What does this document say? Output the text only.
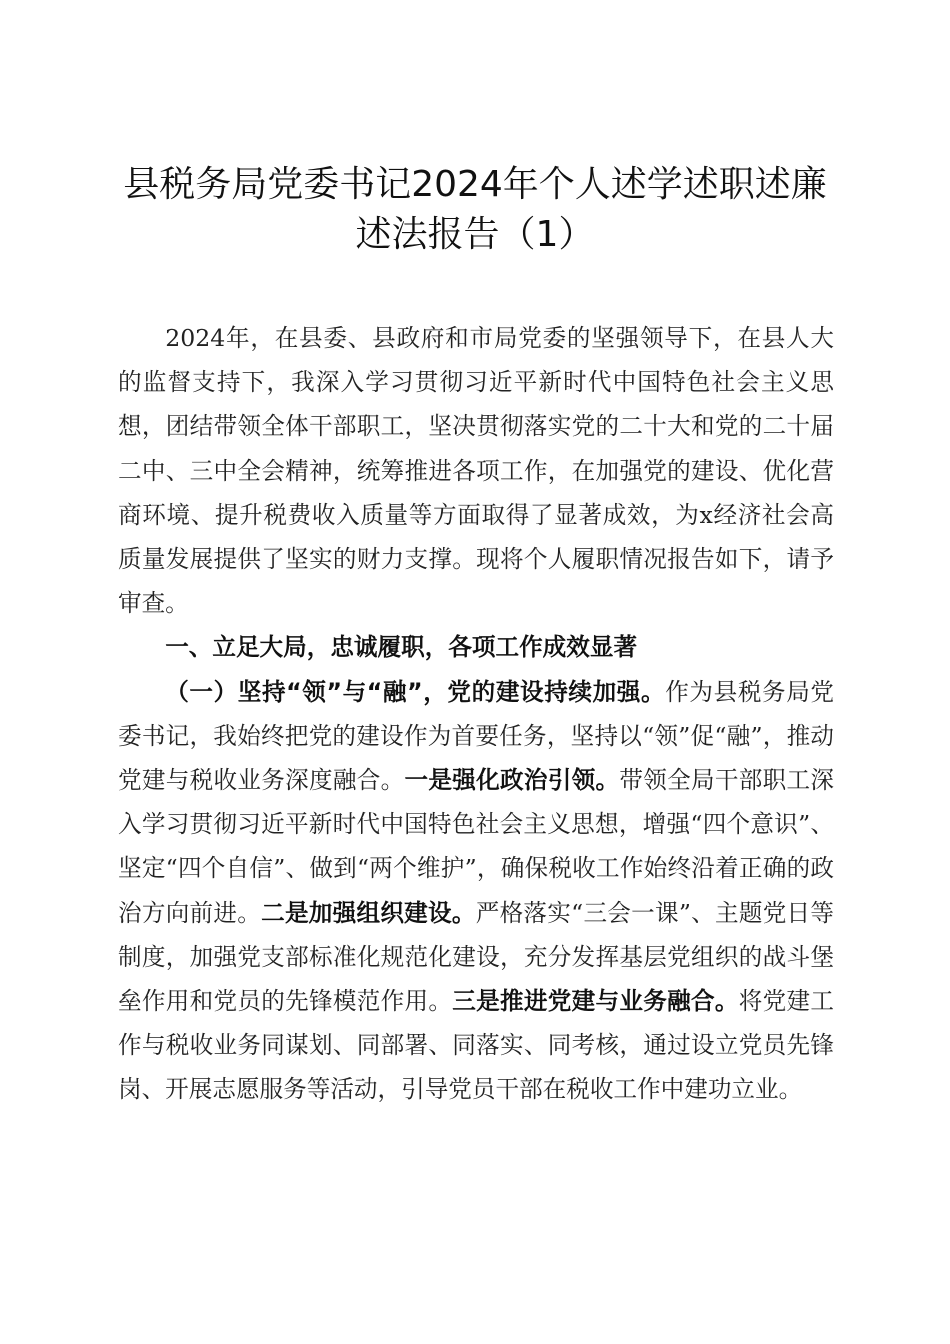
县税务局党委书记2024年个人述学述职述廉
述法报告（1）

2024年，在县委、县政府和市局党委的坚强领导下，在县人大的监督支持下，我深入学习贯彻习近平新时代中国特色社会主义思想，团结带领全体干部职工，坚决贯彻落实党的二十大和党的二十届二中、三中全会精神，统筹推进各项工作，在加强党的建设、优化营商环境、提升税费收入质量等方面取得了显著成效，为x经济社会高质量发展提供了坚实的财力支撑。现将个人履职情况报告如下，请予审查。

一、立足大局，忠诚履职，各项工作成效显著

（一）坚持“领”与“融”，党的建设持续加强。作为县税务局党委书记，我始终把党的建设作为首要任务，坚持以“领”促“融”，推动党建与税收业务深度融合。一是强化政治引领。带领全局干部职工深入学习贯彻习近平新时代中国特色社会主义思想，增强“四个意识”、坚定“四个自信”、做到“两个维护”，确保税收工作始终沿着正确的政治方向前进。二是加强组织建设。严格落实“三会一课”、主题党日等制度，加强党支部标准化规范化建设，充分发挥基层党组织的战斗堡垒作用和党员的先锋模范作用。三是推进党建与业务融合。将党建工作与税收业务同谋划、同部署、同落实、同考核，通过设立党员先锋岗、开展志愿服务等活动，引导党员干部在税收工作中建功立业。
